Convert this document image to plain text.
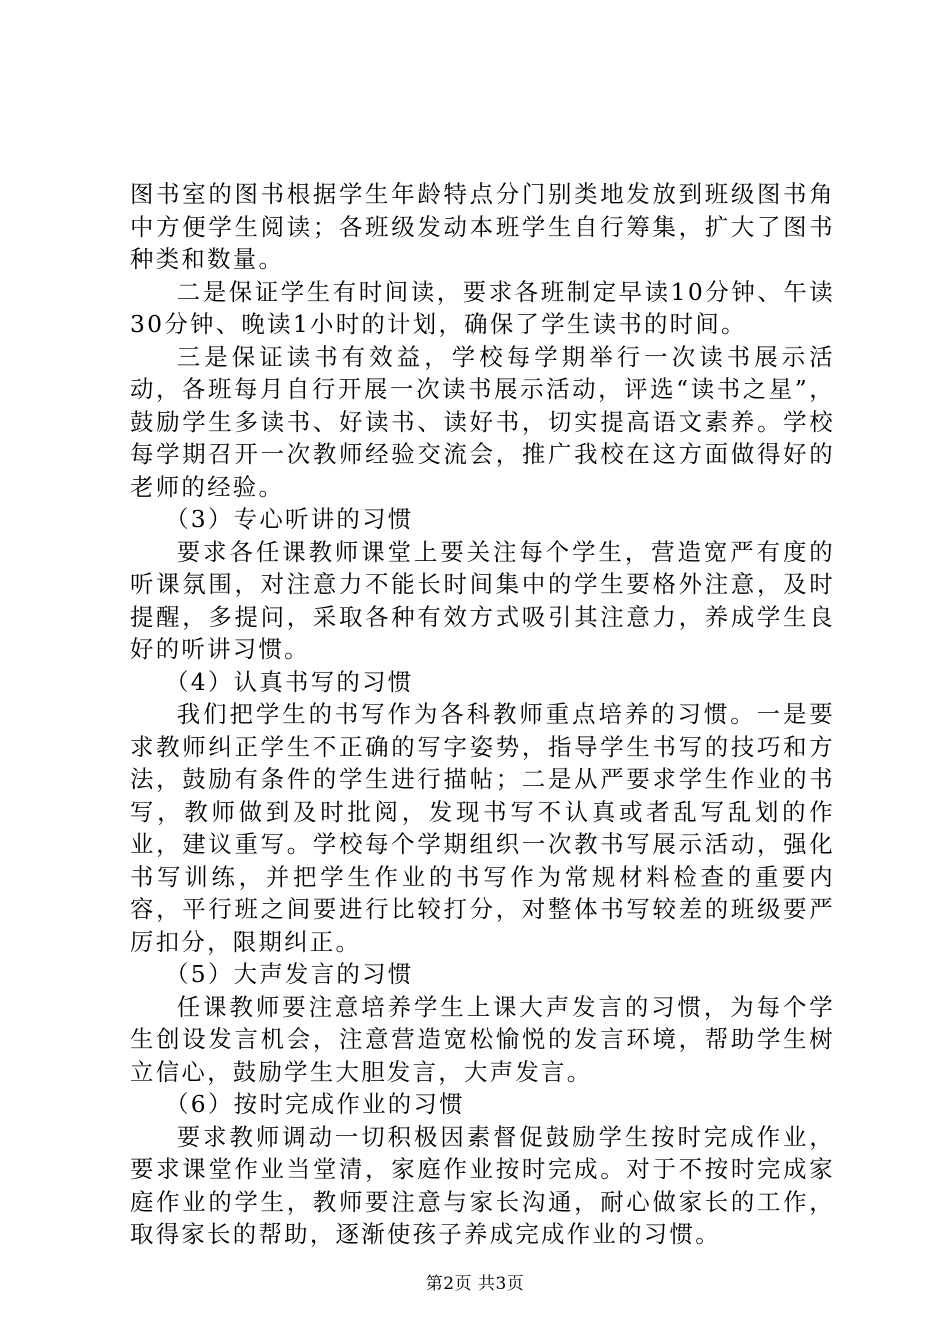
图书室的图书根据学生年龄特点分门别类地发放到班级图书角中方便学生阅读；各班级发动本班学生自行筹集，扩大了图书种类和数量。

二是保证学生有时间读，要求各班制定早读10分钟、午读30分钟、晚读1小时的计划，确保了学生读书的时间。

三是保证读书有效益，学校每学期举行一次读书展示活动，各班每月自行开展一次读书展示活动，评选“读书之星”，鼓励学生多读书、好读书、读好书，切实提高语文素养。学校每学期召开一次教师经验交流会，推广我校在这方面做得好的老师的经验。

（3）专心听讲的习惯

要求各任课教师课堂上要关注每个学生，营造宽严有度的听课氛围，对注意力不能长时间集中的学生要格外注意，及时提醒，多提问，采取各种有效方式吸引其注意力，养成学生良好的听讲习惯。

（4）认真书写的习惯

我们把学生的书写作为各科教师重点培养的习惯。一是要求教师纠正学生不正确的写字姿势，指导学生书写的技巧和方法，鼓励有条件的学生进行描帖；二是从严要求学生作业的书写，教师做到及时批阅，发现书写不认真或者乱写乱划的作业，建议重写。学校每个学期组织一次教书写展示活动，强化书写训练，并把学生作业的书写作为常规材料检查的重要内容，平行班之间要进行比较打分，对整体书写较差的班级要严厉扣分，限期纠正。

（5）大声发言的习惯

任课教师要注意培养学生上课大声发言的习惯，为每个学生创设发言机会，注意营造宽松愉悦的发言环境，帮助学生树立信心，鼓励学生大胆发言，大声发言。

（6）按时完成作业的习惯

要求教师调动一切积极因素督促鼓励学生按时完成作业，要求课堂作业当堂清，家庭作业按时完成。对于不按时完成家庭作业的学生，教师要注意与家长沟通，耐心做家长的工作，取得家长的帮助，逐渐使孩子养成完成作业的习惯。

第2页 共3页
